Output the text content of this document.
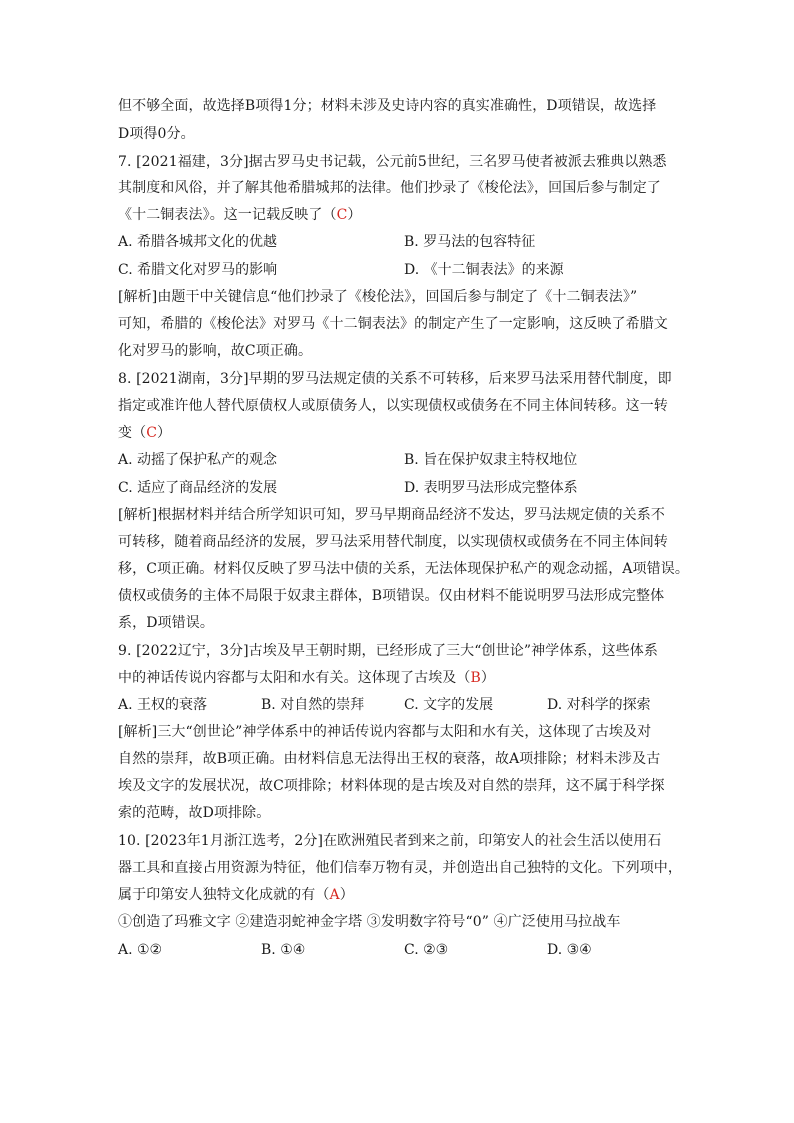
但不够全面，故选择B项得1分；材料未涉及史诗内容的真实准确性，D项错误，故选择
D项得0分。
7. [2021福建，3分]据古罗马史书记载，公元前5世纪，三名罗马使者被派去雅典以熟悉
其制度和风俗，并了解其他希腊城邦的法律。他们抄录了《梭伦法》，回国后参与制定了
《十二铜表法》。这一记载反映了（C）
A. 希腊各城邦文化的优越	B. 罗马法的包容特征
C. 希腊文化对罗马的影响	D. 《十二铜表法》的来源
[解析]由题干中关键信息“他们抄录了《梭伦法》，回国后参与制定了《十二铜表法》”
可知，希腊的《梭伦法》对罗马《十二铜表法》的制定产生了一定影响，这反映了希腊文
化对罗马的影响，故C项正确。
8. [2021湖南，3分]早期的罗马法规定债的关系不可转移，后来罗马法采用替代制度，即
指定或准许他人替代原债权人或原债务人，以实现债权或债务在不同主体间转移。这一转
变（C）
A. 动摇了保护私产的观念	B. 旨在保护奴隶主特权地位
C. 适应了商品经济的发展	D. 表明罗马法形成完整体系
[解析]根据材料并结合所学知识可知，罗马早期商品经济不发达，罗马法规定债的关系不
可转移，随着商品经济的发展，罗马法采用替代制度，以实现债权或债务在不同主体间转
移，C项正确。材料仅反映了罗马法中债的关系，无法体现保护私产的观念动摇，A项错误。
债权或债务的主体不局限于奴隶主群体，B项错误。仅由材料不能说明罗马法形成完整体
系，D项错误。
9. [2022辽宁，3分]古埃及早王朝时期，已经形成了三大“创世论”神学体系，这些体系
中的神话传说内容都与太阳和水有关。这体现了古埃及（B）
A. 王权的衰落	B. 对自然的崇拜	C. 文字的发展	D. 对科学的探索
[解析]三大“创世论”神学体系中的神话传说内容都与太阳和水有关，这体现了古埃及对
自然的崇拜，故B项正确。由材料信息无法得出王权的衰落，故A项排除；材料未涉及古
埃及文字的发展状况，故C项排除；材料体现的是古埃及对自然的崇拜，这不属于科学探
索的范畴，故D项排除。
10. [2023年1月浙江选考，2分]在欧洲殖民者到来之前，印第安人的社会生活以使用石
器工具和直接占用资源为特征，他们信奉万物有灵，并创造出自己独特的文化。下列项中，
属于印第安人独特文化成就的有（A）
①创造了玛雅文字 ②建造羽蛇神金字塔 ③发明数字符号“0” ④广泛使用马拉战车
A. ①②	B. ①④	C. ②③	D. ③④
